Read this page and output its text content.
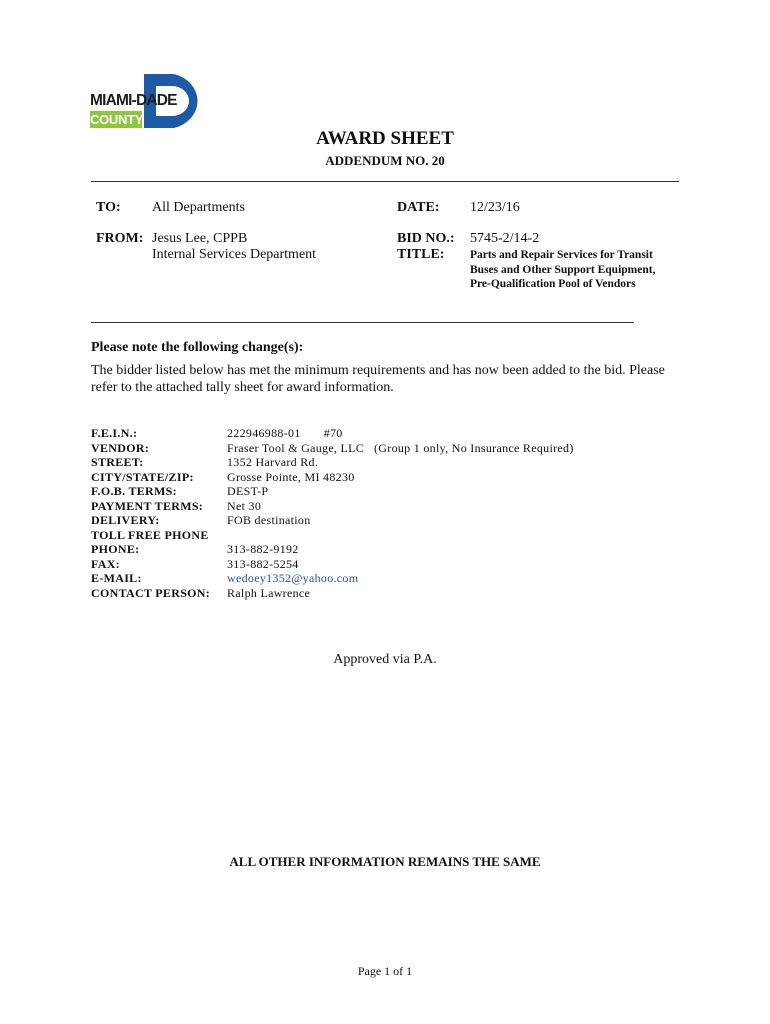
MIAMI-DADE
COUNTY
AWARD SHEET
ADDENDUM NO. 20
TO: All Departments
FROM: Jesus Lee, CPPB
Internal Services Department
DATE: 12/23/16
BID NO.: 5745-2/14-2
TITLE: Parts and Repair Services for Transit Buses and Other Support Equipment, Pre-Qualification Pool of Vendors
Please note the following change(s):
The bidder listed below has met the minimum requirements and has now been added to the bid. Please refer to the attached tally sheet for award information.
F.E.I.N.:	222946988-01       #70
VENDOR:	Fraser Tool & Gauge, LLC   (Group 1 only, No Insurance Required)
STREET:	1352 Harvard Rd.
CITY/STATE/ZIP:	Grosse Pointe, MI 48230
F.O.B. TERMS:	DEST-P
PAYMENT TERMS: Net 30
DELIVERY:	FOB destination
TOLL FREE PHONE
PHONE:	313-882-9192
FAX:	313-882-5254
E-MAIL:	wedoey1352@yahoo.com
CONTACT PERSON: Ralph Lawrence
Approved via P.A.
ALL OTHER INFORMATION REMAINS THE SAME
Page 1 of 1
